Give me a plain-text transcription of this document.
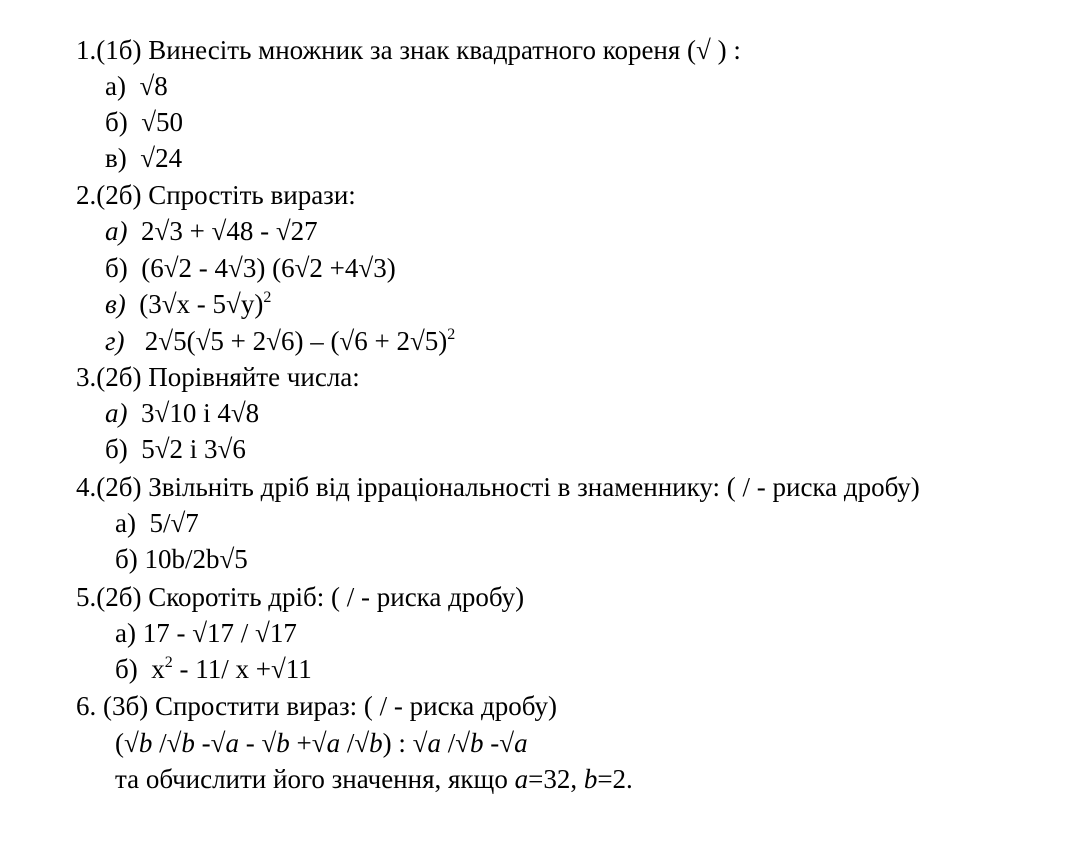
1.(1б) Винесіть множник за знак квадратного кореня (√ ) :
а) √8
б) √50
в) √24
2.(2б) Спростіть вирази:
а) 2√3 + √48 - √27
б) (6√2 - 4√3) (6√2 +4√3)
в) (3√x - 5√y)$^2$
г) $2√5(√5 + 2√6) - (√6 + 2√5)^2$
3.(2б) Порівняйте числа:
а) 3√10 і 4√8
б) 5√2 і 3√6
4.(2б) Звільніть дріб від ірраціональності в знаменнику: ( / - риска дробу)
а) 5/√7
б) 10b/2b√5
5.(2б) Скоротіть дріб: ( / - риска дробу)
а) 17 - √17 / √17
б) $x^2 - 11/$ x +√11
6. (3б) Спростити вираз: ( / - риска дробу)
(√b /√b -√a - √b +√a /√b) : √a /√b -√a
та обчислити його значення, якщо a=32, b=2.
